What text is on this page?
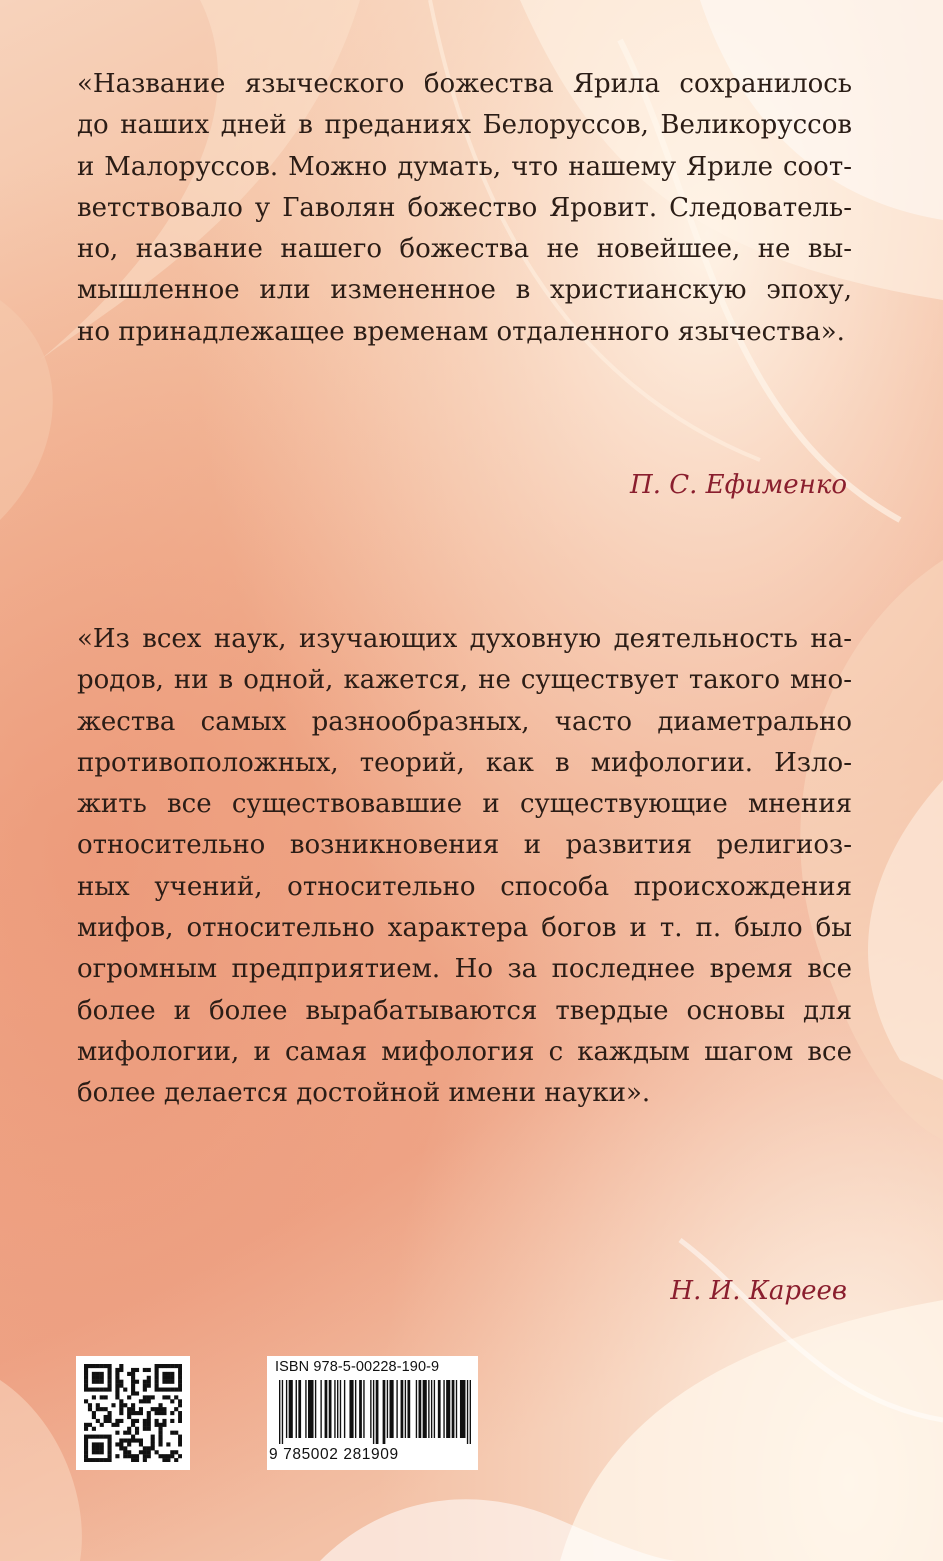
«Название языческого божества Ярила сохранилось
до наших дней в преданиях Белоруссов, Великоруссов
и Малоруссов. Можно думать, что нашему Яриле соот-
ветствовало у Гаволян божество Яровит. Следователь-
но, название нашего божества не новейшее, не вы-
мышленное или измененное в христианскую эпоху,
но принадлежащее временам отдаленного язычества».
П. С. Ефименко
«Из всех наук, изучающих духовную деятельность на-
родов, ни в одной, кажется, не существует такого мно-
жества самых разнообразных, часто диаметрально
противоположных, теорий, как в мифологии. Изло-
жить все существовавшие и существующие мнения
относительно возникновения и развития религиоз-
ных учений, относительно способа происхождения
мифов, относительно характера богов и т. п. было бы
огромным предприятием. Но за последнее время все
более и более вырабатываются твердые основы для
мифологии, и самая мифология с каждым шагом все
более делается достойной имени науки».
Н. И. Кареев
ISBN 978-5-00228-190-9
9 785002 281909
